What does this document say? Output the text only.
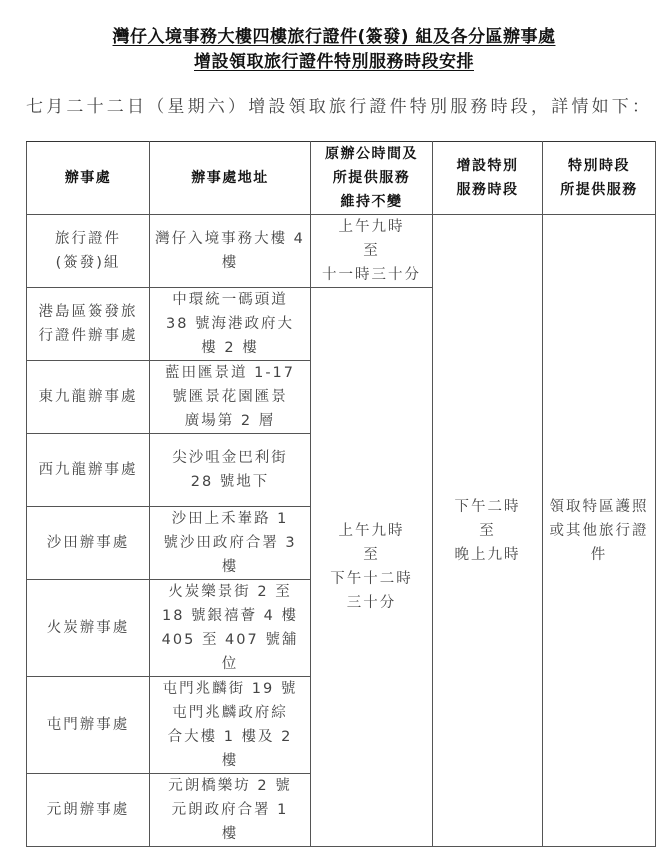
灣仔入境事務大樓四樓旅行證件(簽發) 組及各分區辦事處
增設領取旅行證件特別服務時段安排
七月二十二日（星期六）增設領取旅行證件特別服務時段，詳情如下：
辦事處	辦事處地址	原辦公時間及
所提供服務
維持不變	增設特別
服務時段	特別時段
所提供服務

旅行證件
(簽發)組	灣仔入境事務大樓 4
樓	上午九時
至
十一時三十分	下午二時
至
晚上九時	領取特區護照
或其他旅行證
件

港島區簽發旅
行證件辦事處	中環統一碼頭道
38 號海港政府大
樓 2 樓	上午九時
至
下午十二時
三十分		

東九龍辦事處	藍田匯景道 1-17
號匯景花園匯景
廣場第 2 層			

西九龍辦事處	尖沙咀金巴利街
28 號地下			

沙田辦事處	沙田上禾輋路 1
號沙田政府合署 3
樓			

火炭辦事處	火炭樂景街 2 至
18 號銀禧薈 4 樓
405 至 407 號舖位			

屯門辦事處	屯門兆麟街 19 號
屯門兆麟政府綜
合大樓 1 樓及 2
樓			

元朗辦事處	元朗橋樂坊 2 號
元朗政府合署 1
樓			
